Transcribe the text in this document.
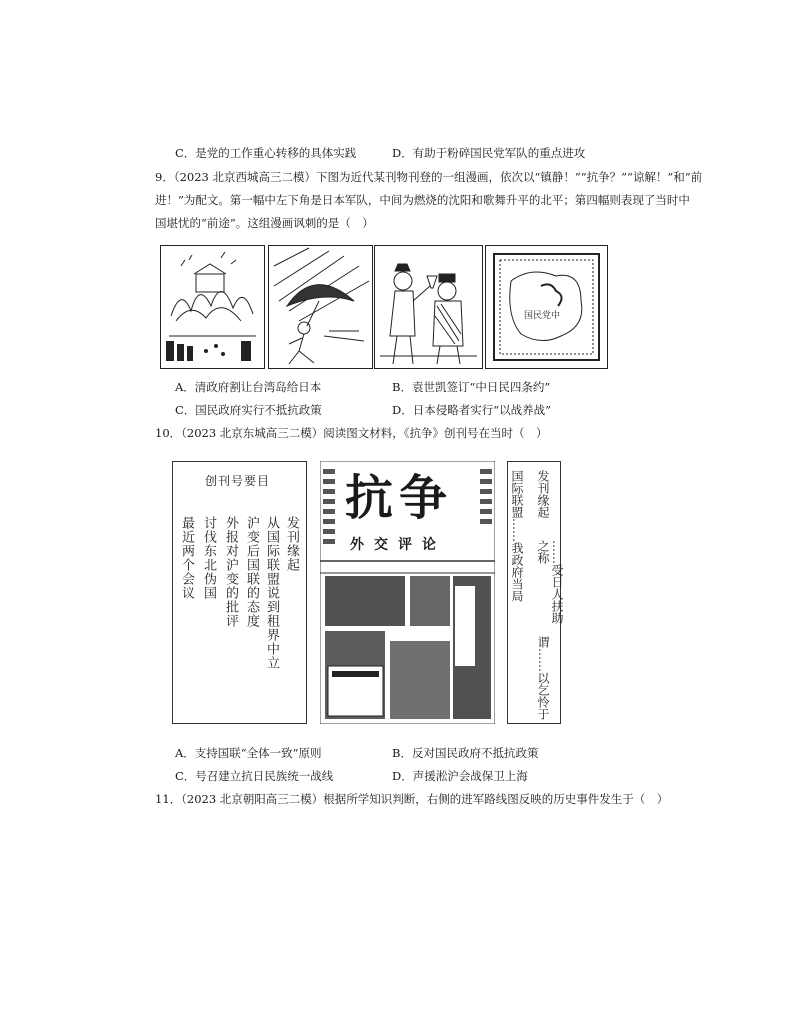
C．是党的工作重心转移的具体实践	D．有助于粉碎国民党军队的重点进攻
9．（2023 北京西城高三二模）下图为近代某刊物刊登的一组漫画，依次以“镇静！”“抗争？”“谅解！”和“前
进！”为配文。第一幅中左下角是日本军队，中间为燃烧的沈阳和歌舞升平的北平；第四幅则表现了当时中
国堪忧的“前途”。这组漫画讽刺的是（　）
国民党中
A．清政府割让台湾岛给日本	B．袁世凯签订“中日民四条约”
C．国民政府实行不抵抗政策	D．日本侵略者实行“以战养战”
10．（2023 北京东城高三二模）阅读图文材料，《抗争》创刊号在当时（　）
创刊号要目
发刊缘起
从国际联盟说到租界中立
沪变后国联的态度
外报对沪变的批评
讨伐东北伪国
最近两个会议
抗争
外交评论
发刊缘起
国际联盟……我政府当局	……受日人扶助之称
谓……以乞怜于
A．支持国联“全体一致”原则	B．反对国民政府不抵抗政策
C．号召建立抗日民族统一战线	D．声援淞沪会战保卫上海
11．（2023 北京朝阳高三二模）根据所学知识判断，右侧的进军路线图反映的历史事件发生于（　）
